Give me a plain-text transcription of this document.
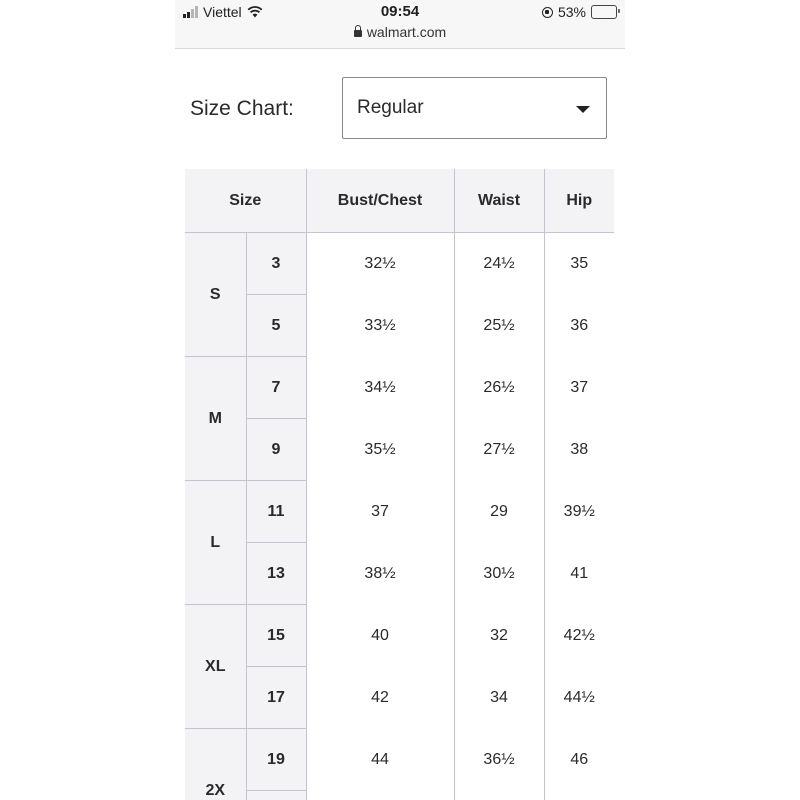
Viettel	09:54
walmart.com
53%
Size Chart:	Regular
Size		Bust/Chest	Waist	Hip
S	3	32½	24½	35
	5	33½	25½	36
M	7	34½	26½	37
	9	35½	27½	38
L	11	37	29	39½
	13	38½	30½	41
XL	15	40	32	42½
	17	42	34	44½
2X	19	44	36½	46
